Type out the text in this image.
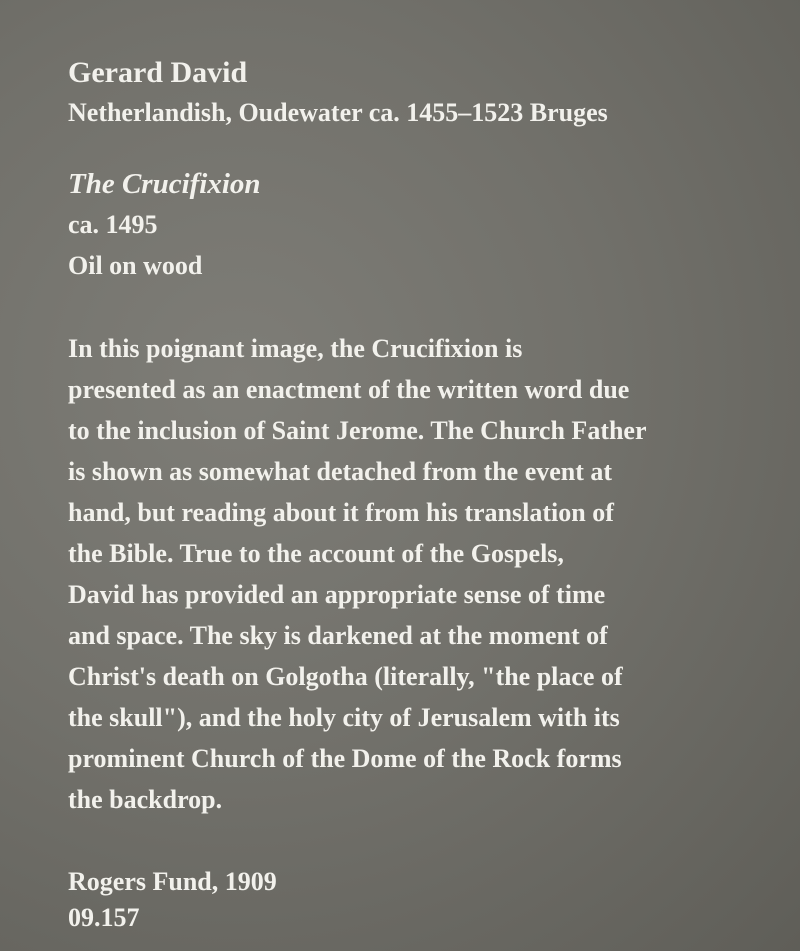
Gerard David

Netherlandish, Oudewater ca. 1455–1523 Bruges

The Crucifixion

ca. 1495

Oil on wood

In this poignant image, the Crucifixion is

presented as an enactment of the written word due

to the inclusion of Saint Jerome. The Church Father

is shown as somewhat detached from the event at

hand, but reading about it from his translation of

the Bible. True to the account of the Gospels,

David has provided an appropriate sense of time

and space. The sky is darkened at the moment of

Christ's death on Golgotha (literally, "the place of

the skull"), and the holy city of Jerusalem with its

prominent Church of the Dome of the Rock forms

the backdrop.

Rogers Fund, 1909

09.157
